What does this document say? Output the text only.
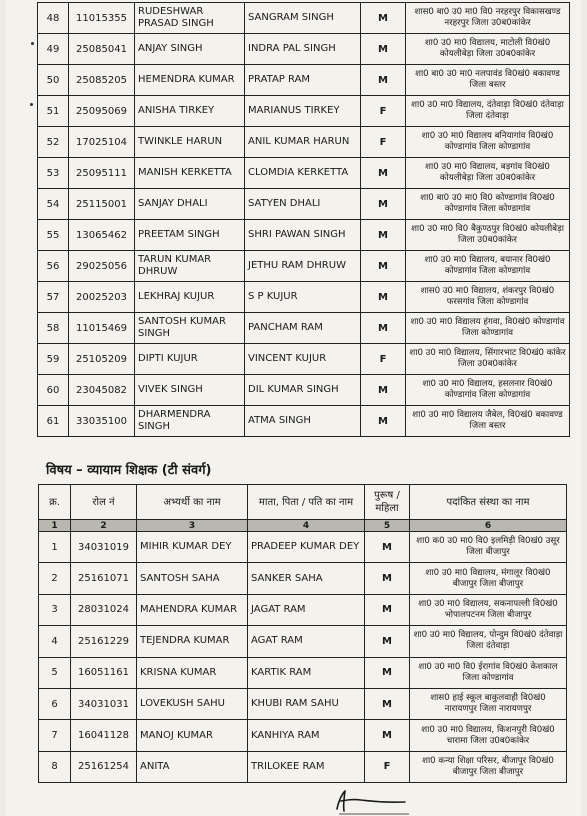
48	11015355	RUDESHWAR PRASAD SINGH	SANGRAM SINGH	M	शास0 बा0 उ0 मा0 वि0 नरहरपुर विकासखण्ड नरहरपुर जिला उ0ब0कांकेर
49	25085041	ANJAY SINGH	INDRA PAL SINGH	M	शा0 उ0 मा0 विद्यालय, माटोली वि0खं0 कोयलीबेड़ा जिला उ0ब0कांकेर
50	25085205	HEMENDRA KUMAR	PRATAP RAM	M	शा0 बा0 उ0 मा0 नलपावंड वि0खं0 बकावण्ड जिला बस्तर
51	25095069	ANISHA TIRKEY	MARIANUS TIRKEY	F	शा0 उ0 मा0 विद्यालय, दंतेवाड़ा वि0खं0 दंतेवाड़ा जिला दंतेवाड़ा
52	17025104	TWINKLE HARUN	ANIL KUMAR HARUN	F	शा0 उ0 मा0 विद्यालय बनियागांव वि0खं0 कोण्डागांव जिला कोण्डागांव
53	25095111	MANISH KERKETTA	CLOMDIA KERKETTA	M	शा0 उ0 मा0 विद्यालय, बड़गांव वि0खं0 कोयलीबेड़ा जिला उ0ब0कांकेर
54	25115001	SANJAY DHALI	SATYEN DHALI	M	शा0 बा0 उ0 मा0 वि0 कोण्डागांव वि0खं0 कोण्डागांव जिला कोण्डागांव
55	13065462	PREETAM SINGH	SHRI PAWAN SINGH	M	शा0 उ0 मा0 वि0 बैकुण्ठपुर वि0खं0 कोयलीबेड़ा जिला उ0ब0कांकेर
56	29025056	TARUN KUMAR DHRUW	JETHU RAM DHRUW	M	शा0 उ0 मा0 विद्यालय, बयानार वि0खं0 कोण्डागांव जिला कोण्डागांव
57	20025203	LEKHRAJ KUJUR	S P KUJUR	M	शास0 उ0 मा0 विद्यालय, शंकरपुर वि0खं0 फरसगांव जिला कोण्डागांव
58	11015469	SANTOSH KUMAR SINGH	PANCHAM RAM	M	शा0 उ0 मा0 विद्यालय हंगवा, वि0खं0 कोण्डागांव जिला कोण्डागांव
59	25105209	DIPTI KUJUR	VINCENT KUJUR	F	शा0 उ0 मा0 विद्यालय, सिंगारभाट वि0खं0 कांकेर जिला उ0ब0कांकेर
60	23045082	VIVEK SINGH	DIL KUMAR SINGH	M	शा0 उ0 मा0 विद्यालय, हसलनार वि0खं0 कोण्डागांव जिला कोण्डागांव
61	33035100	DHARMENDRA SINGH	ATMA SINGH	M	शा0 उ0 मा0 विद्यालय जैबेल, वि0खं0 बकावण्ड जिला बस्तर
विषय – व्यायाम शिक्षक (टी संवर्ग)
क्र.	रोल नं	अभ्यर्थी का नाम	माता, पिता / पति का नाम	पुरूष / महिला	पदांकित संस्था का नाम
1	2	3	4	5	6
1	34031019	MIHIR KUMAR DEY	PRADEEP KUMAR DEY	M	शा0 क0 उ0 मा0 वि0 इलमिड़ी वि0खं0 उसूर जिला बीजापुर
2	25161071	SANTOSH SAHA	SANKER SAHA	M	शा0 उ0 मा0 विद्यालय, मंगालूर वि0खं0 बीजापुर जिला बीजापुर
3	28031024	MAHENDRA KUMAR	JAGAT RAM	M	शा0 उ0 मा0 विद्यालय, सकनापल्ली वि0खं0 भोपालपटनम जिला बीजापुर
4	25161229	TEJENDRA KUMAR	AGAT RAM	M	शा0 उ0 मा0 विद्यालय, पोन्दुम वि0खं0 दंतेवाड़ा जिला दंतेवाड़ा
5	16051161	KRISNA KUMAR	KARTIK RAM	M	शा0 उ0 मा0 वि0 ईरागांव वि0खं0 केशकाल जिला कोण्डागांव
6	34031031	LOVEKUSH SAHU	KHUBI RAM SAHU	M	शास0 हाई स्कूल बाकुलवाही वि0खं0 नारायणपुर जिला नारायणपुर
7	16041128	MANOJ KUMAR	KANHIYA RAM	M	शा0 उ0 मा0 विद्यालय, किशनपुरी वि0खं0 चारामा जिला उ0ब0कांकेर
8	25161254	ANITA	TRILOKEE RAM	F	शा0 कन्या शिक्षा परिसर, बीजापुर वि0खं0 बीजापुर जिला बीजापुर
